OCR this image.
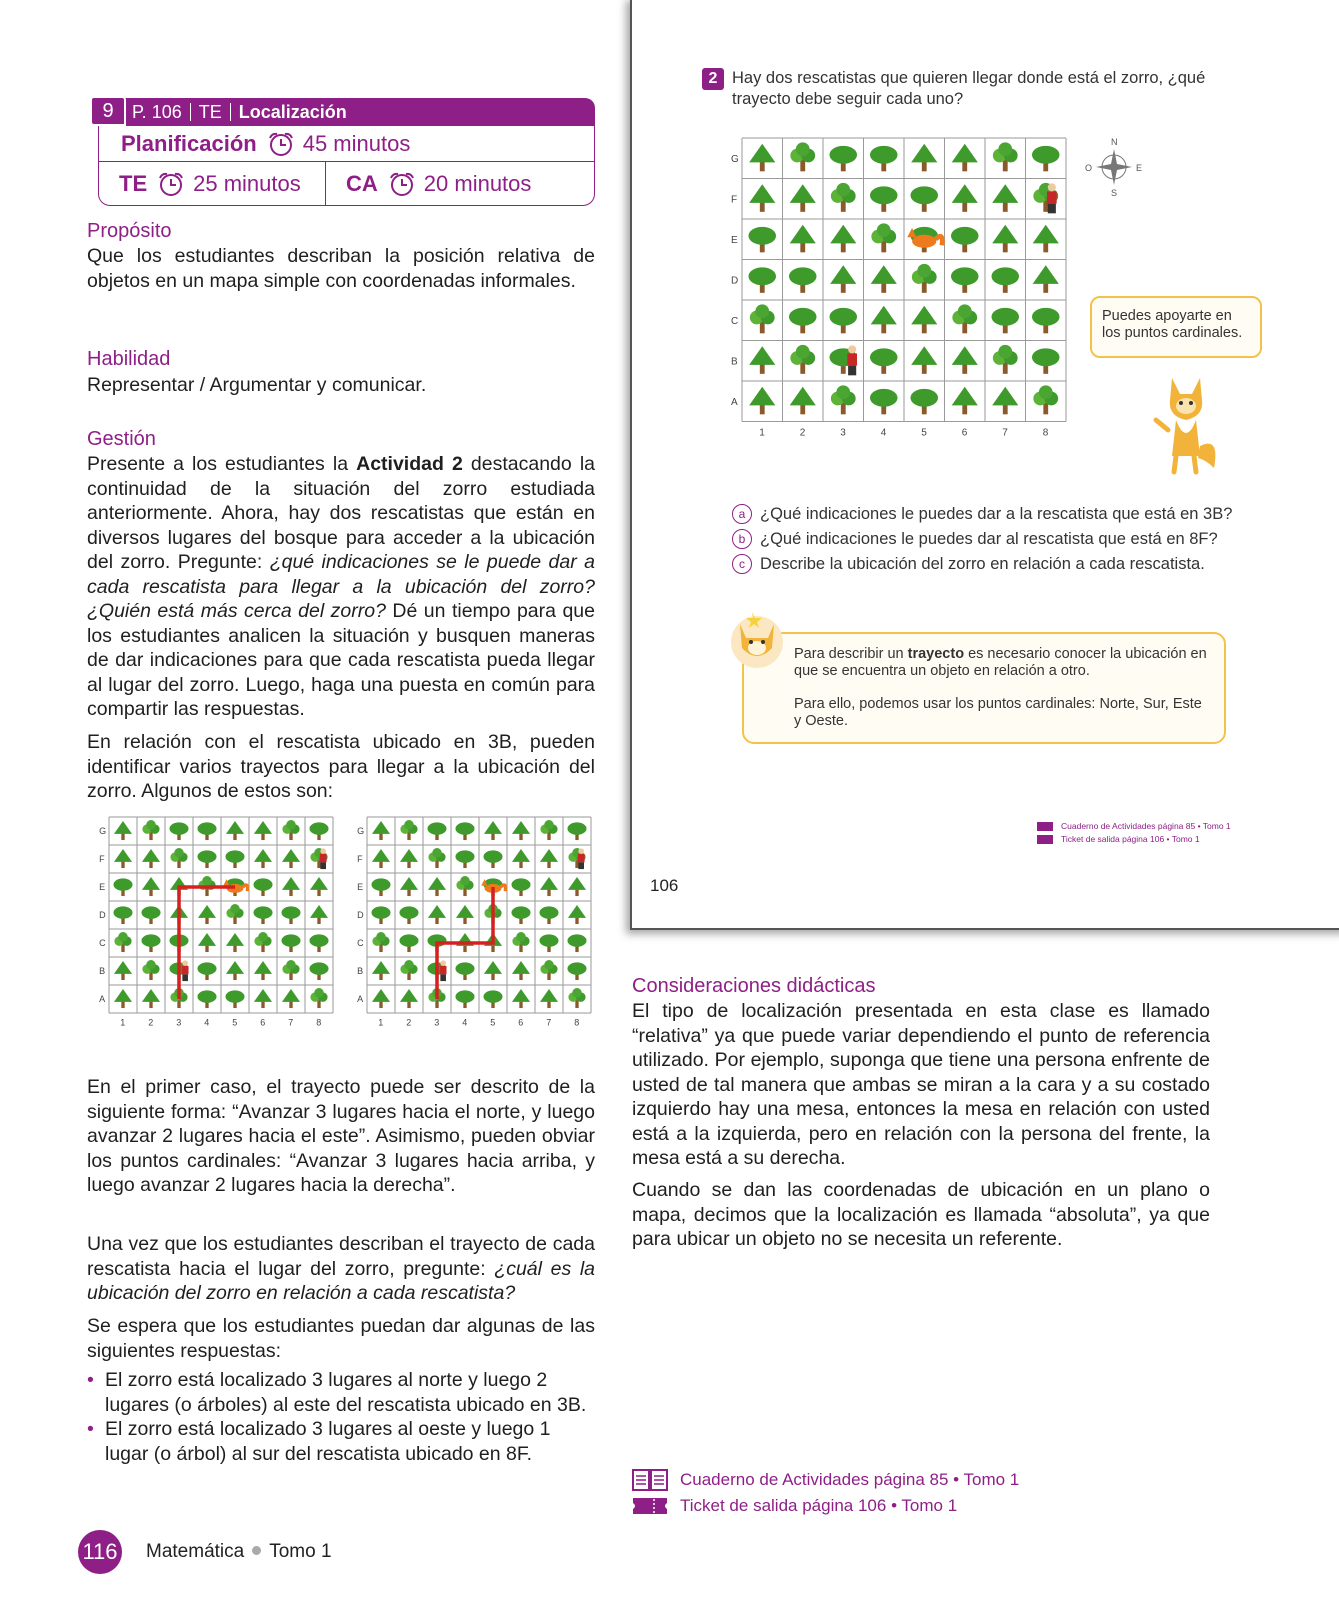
9	P. 106 TE Localización
Planificación 45 minutos
TE 25 minutos CA 20 minutos
Propósito
Que los estudiantes describan la posición relativa de objetos en un mapa simple con coordenadas informales.
Habilidad
Representar / Argumentar y comunicar.
Gestión
Presente a los estudiantes la Actividad 2 destacando la continuidad de la situación del zorro estudiada anteriormente. Ahora, hay dos rescatistas que están en diversos lugares del bosque para acceder a la ubicación del zorro. Pregunte: ¿qué indicaciones se le puede dar a cada rescatista para llegar a la ubicación del zorro? ¿Quién está más cerca del zorro? Dé un tiempo para que los estudiantes analicen la situación y busquen maneras de dar indicaciones para que cada rescatista pueda llegar al lugar del zorro. Luego, haga una puesta en común para compartir las respuestas.
En relación con el rescatista ubicado en 3B, pueden identificar varios trayectos para llegar a la ubicación del zorro. Algunos de estos son:
G
F
E
D
C
B
A
1	2	3	4	5	6	7	8
G
F
E
D
C
B
A
1	2	3	4	5	6	7	8
En el primer caso, el trayecto puede ser descrito de la siguiente forma: “Avanzar 3 lugares hacia el norte, y luego avanzar 2 lugares hacia el este”. Asimismo, pueden obviar los puntos cardinales: “Avanzar 3 lugares hacia arriba, y luego avanzar 2 lugares hacia la derecha”.
Una vez que los estudiantes describan el trayecto de cada rescatista hacia el lugar del zorro, pregunte: ¿cuál es la ubicación del zorro en relación a cada rescatista?
Se espera que los estudiantes puedan dar algunas de las siguientes respuestas:
• El zorro está localizado 3 lugares al norte y luego 2 lugares (o árboles) al este del rescatista ubicado en 3B.
• El zorro está localizado 3 lugares al oeste y luego 1 lugar (o árbol) al sur del rescatista ubicado en 8F.
116 Matemática Tomo 1
2 Hay dos rescatistas que quieren llegar donde está el zorro, ¿qué trayecto debe seguir cada uno?
G
F
E
D
C
B
A
1	2	3	4	5	6	7	8
N
S
O	E
Puedes apoyarte en los puntos cardinales.
a ¿Qué indicaciones le puedes dar a la rescatista que está en 3B?
b ¿Qué indicaciones le puedes dar al rescatista que está en 8F?
c Describe la ubicación del zorro en relación a cada rescatista.

Para describir un trayecto es necesario conocer la ubicación en que se encuentra un objeto en relación a otro.

Para ello, podemos usar los puntos cardinales: Norte, Sur, Este y Oeste.

Cuaderno de Actividades página 85 • Tomo 1
Ticket de salida página 106 • Tomo 1
106
Consideraciones didácticas
El tipo de localización presentada en esta clase es llamado “relativa” ya que puede variar dependiendo el punto de referencia utilizado. Por ejemplo, suponga que tiene una persona enfrente de usted de tal manera que ambas se miran a la cara y a su costado izquierdo hay una mesa, entonces la mesa en relación con usted está a la izquierda, pero en relación con la persona del frente, la mesa está a su derecha.
Cuando se dan las coordenadas de ubicación en un plano o mapa, decimos que la localización es llamada “absoluta”, ya que para ubicar un objeto no se necesita un referente.
Cuaderno de Actividades página 85 • Tomo 1
Ticket de salida página 106 • Tomo 1
